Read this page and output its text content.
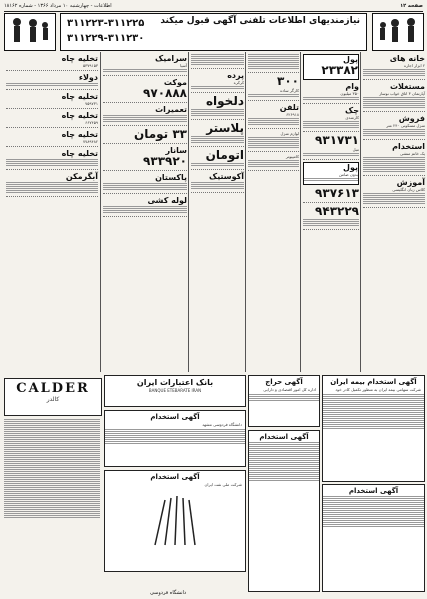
صفحه ۱۲
اطلاعات - چهارشنبه ۱۰ مرداد ۱۳۶۶ - شماره ۱۸۱۶۲
نیازمندیهای اطلاعات تلفنی آگهی قبول میکند
۳۱۱۲۲۳-۳۱۱۲۲۵
۳۱۱۲۲۹-۳۱۱۲۳۰
خانه های
۲ ابزار اجاره
مستغلات
آپارتمان ۳ اتاق خواب نوساز
فروش
منزل مسکونی ۲۴۰ متر
استخدام
یک خانم منشی
آموزش
کلاس زبان انگلیسی
پول
۲۳۳۸۲
وام
۳۵۰ میلیون
چک
کارمندی
۹۳۱۷۳۱
مبل
پول
بدون ضامن
۹۳۷۶۱۳
۹۴۳۲۲۹
۳۰۰
کارگر ساده
تلفن
۶۲۶۹۱۸
لوازم منزل
کامپیوتر
پرده
کرکره
دلخواه
پلاستر
اتومان
آکوستیک
سرامیک
آسیا
موکت
۹۷۰۸۸۸
تعمیرات
۳۳ تومان
سانار
۹۳۳۹۲۰
پاکستان
لوله کشی
تخلیه چاه
۵۳۷۹۱۵۳
دولاء
تخلیه چاه
۷۵۹۷۳۱
تخلیه چاه
۶۶۷۴۵۹
تخلیه چاه
۷۷۸۹۴۸۲
تخلیه چاه
آبگرمکن
CALDER
کالدر
بانک اعتبارات ایران
BANQUE ETEBARATE IRAN
آگهی استخدام
دانشگاه فردوسی مشهد
آگهی استخدام
شرکت ملی نفت ایران
آگهی حراج
اداره کل امور اقتصادی و دارایی
آگهی استخدام بیمه ایران
شرکت سهامی بیمه ایران به منظور تکمیل کادر خود
آگهی استخدام
آگهی استخدام
دانشگاه فردوسی
